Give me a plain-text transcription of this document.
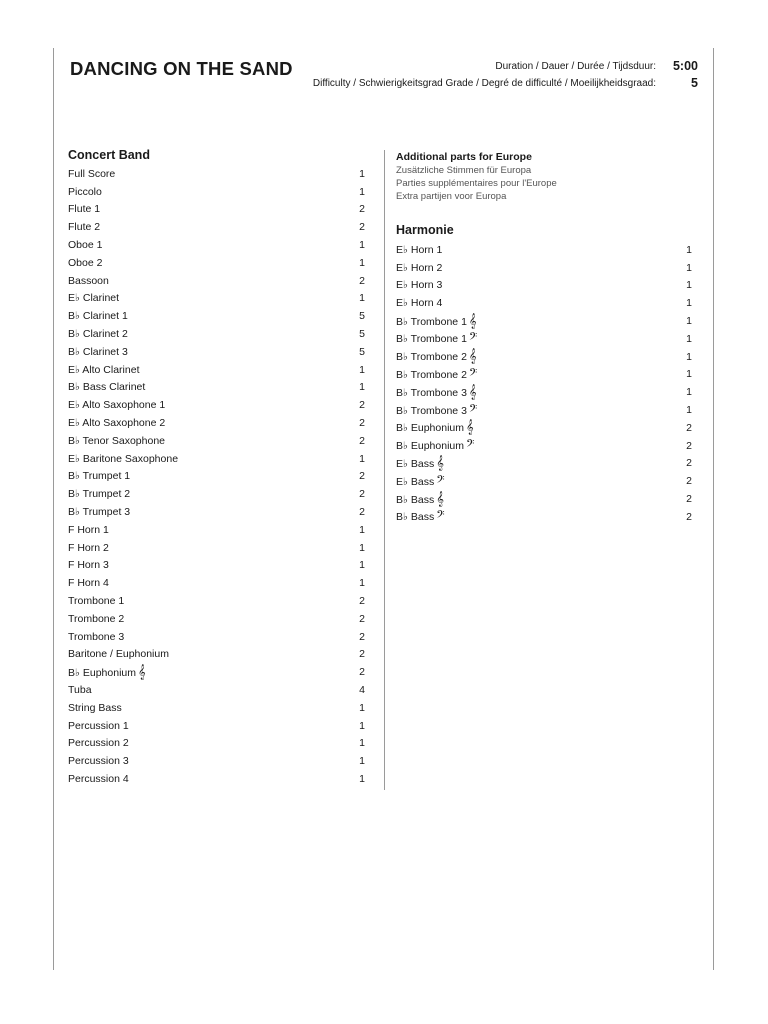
DANCING ON THE SAND	Duration / Dauer / Durée / Tijdsduur: 5:00
Difficulty / Schwierigkeitsgrad Grade / Degré de difficulté / Moeilijkheidsgraad:	5
Concert Band
Full Score	1
Piccolo	1
Flute 1	2
Flute 2	2
Oboe 1	1
Oboe 2	1
Bassoon	2
E♭ Clarinet	1
B♭ Clarinet 1	5
B♭ Clarinet 2	5
B♭ Clarinet 3	5
E♭ Alto Clarinet	1
B♭ Bass Clarinet	1
E♭ Alto Saxophone 1	2
E♭ Alto Saxophone 2	2
B♭ Tenor Saxophone	2
E♭ Baritone Saxophone	1
B♭ Trumpet 1	2
B♭ Trumpet 2	2
B♭ Trumpet 3	2
F Horn 1	1
F Horn 2	1
F Horn 3	1
F Horn 4	1
Trombone 1	2
Trombone 2	2
Trombone 3	2
Baritone / Euphonium	2
B♭ Euphonium 𝄞	2
Tuba	4
String Bass	1
Percussion 1	1
Percussion 2	1
Percussion 3	1
Percussion 4	1
Additional parts for Europe
Zusätzliche Stimmen für Europa
Parties supplémentaires pour l'Europe
Extra partijen voor Europa
Harmonie
E♭ Horn 1	1
E♭ Horn 2	1
E♭ Horn 3	1
E♭ Horn 4	1
B♭ Trombone 1 𝄞	1
B♭ Trombone 1 𝄢	1
B♭ Trombone 2 𝄞	1
B♭ Trombone 2 𝄢	1
B♭ Trombone 3 𝄞	1
B♭ Trombone 3 𝄢	1
B♭ Euphonium 𝄞	2
B♭ Euphonium 𝄢	2
E♭ Bass 𝄞	2
E♭ Bass 𝄢	2
B♭ Bass 𝄞	2
B♭ Bass 𝄢	2
